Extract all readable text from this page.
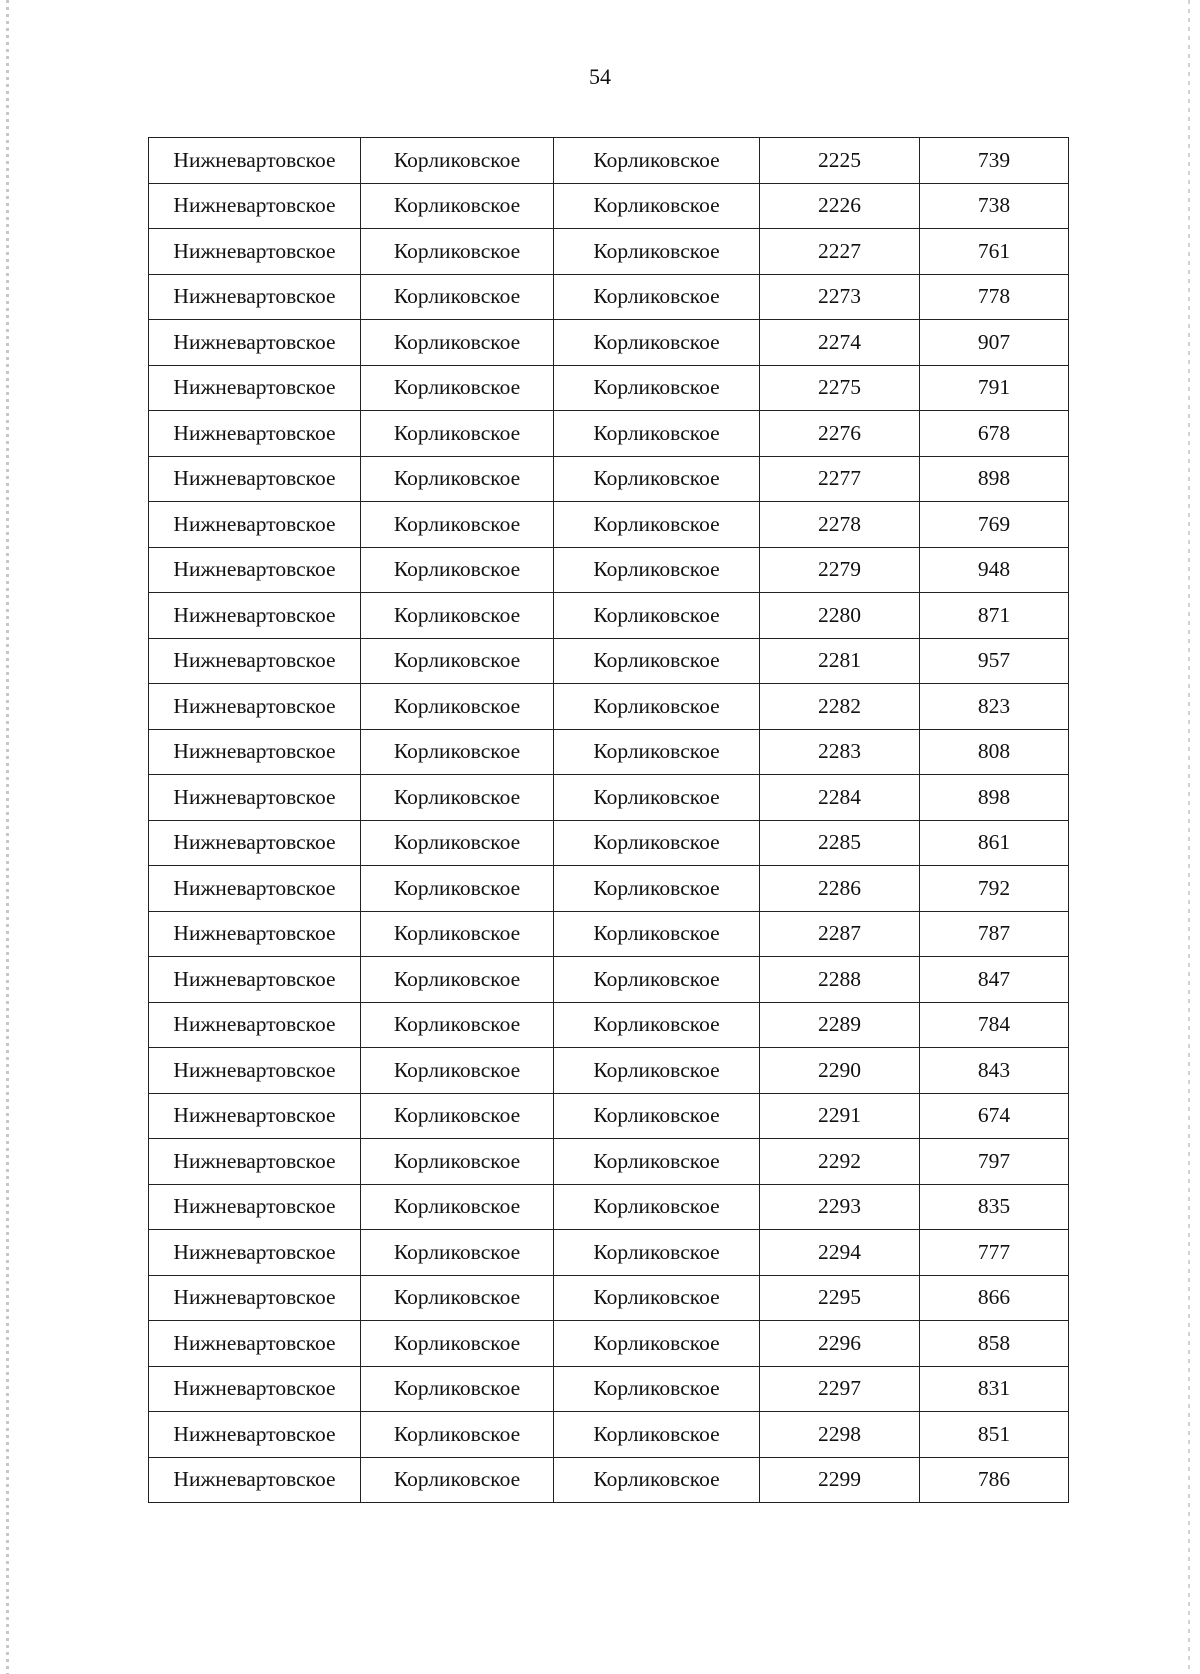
54
Нижневартовское	Корликовское	Корликовское	2225	739
Нижневартовское	Корликовское	Корликовское	2226	738
Нижневартовское	Корликовское	Корликовское	2227	761
Нижневартовское	Корликовское	Корликовское	2273	778
Нижневартовское	Корликовское	Корликовское	2274	907
Нижневартовское	Корликовское	Корликовское	2275	791
Нижневартовское	Корликовское	Корликовское	2276	678
Нижневартовское	Корликовское	Корликовское	2277	898
Нижневартовское	Корликовское	Корликовское	2278	769
Нижневартовское	Корликовское	Корликовское	2279	948
Нижневартовское	Корликовское	Корликовское	2280	871
Нижневартовское	Корликовское	Корликовское	2281	957
Нижневартовское	Корликовское	Корликовское	2282	823
Нижневартовское	Корликовское	Корликовское	2283	808
Нижневартовское	Корликовское	Корликовское	2284	898
Нижневартовское	Корликовское	Корликовское	2285	861
Нижневартовское	Корликовское	Корликовское	2286	792
Нижневартовское	Корликовское	Корликовское	2287	787
Нижневартовское	Корликовское	Корликовское	2288	847
Нижневартовское	Корликовское	Корликовское	2289	784
Нижневартовское	Корликовское	Корликовское	2290	843
Нижневартовское	Корликовское	Корликовское	2291	674
Нижневартовское	Корликовское	Корликовское	2292	797
Нижневартовское	Корликовское	Корликовское	2293	835
Нижневартовское	Корликовское	Корликовское	2294	777
Нижневартовское	Корликовское	Корликовское	2295	866
Нижневартовское	Корликовское	Корликовское	2296	858
Нижневартовское	Корликовское	Корликовское	2297	831
Нижневартовское	Корликовское	Корликовское	2298	851
Нижневартовское	Корликовское	Корликовское	2299	786
